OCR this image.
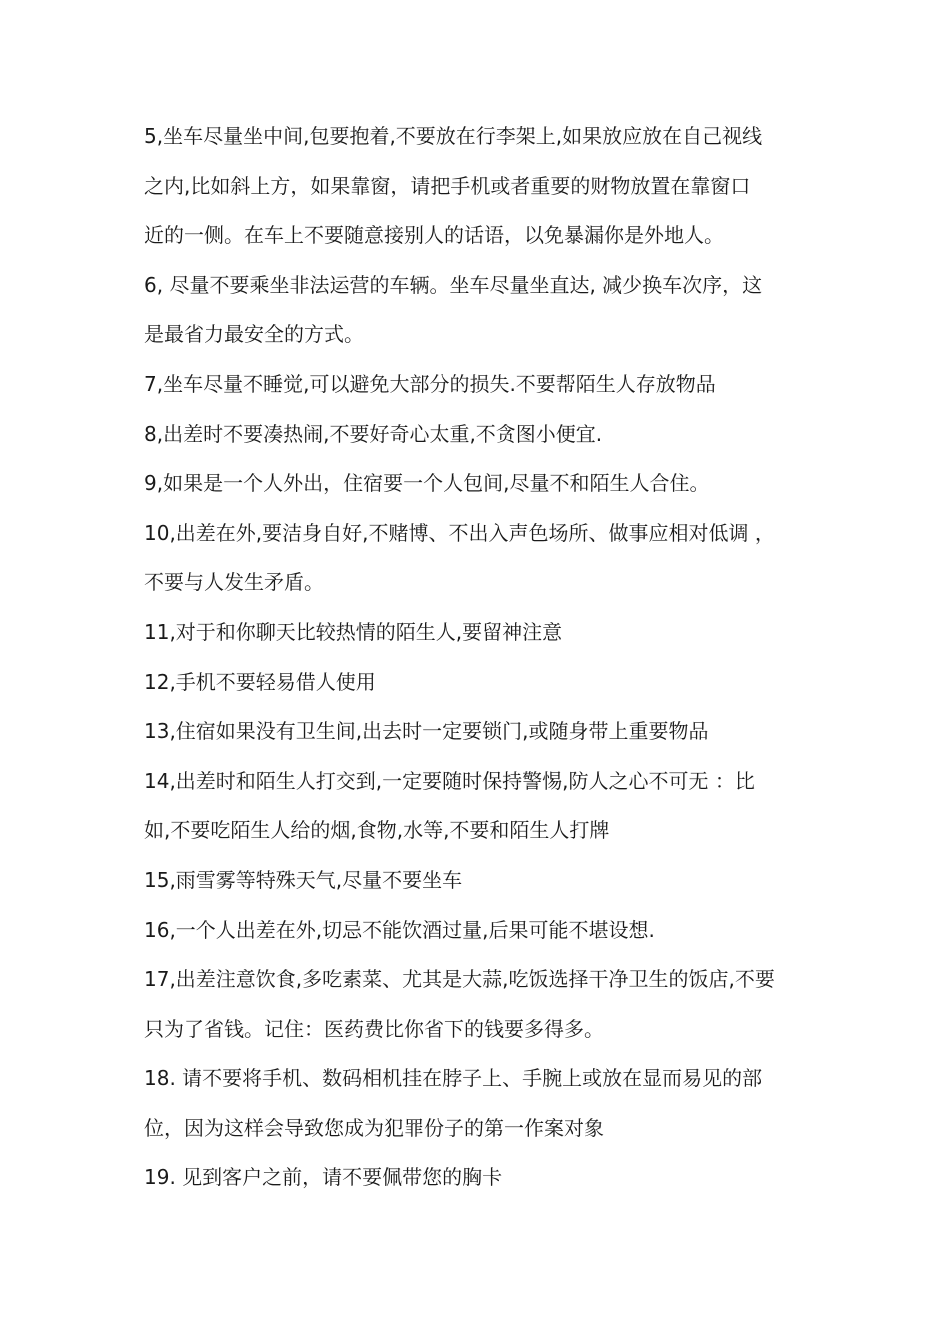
5,坐车尽量坐中间,包要抱着,不要放在行李架上,如果放应放在自己视线

之内,比如斜上方，如果靠窗，请把手机或者重要的财物放置在靠窗口

近的一侧。在车上不要随意接别人的话语，以免暴漏你是外地人。

6, 尽量不要乘坐非法运营的车辆。坐车尽量坐直达, 减少换车次序，这

是最省力最安全的方式。

7,坐车尽量不睡觉,可以避免大部分的损失.不要帮陌生人存放物品

8,出差时不要凑热闹,不要好奇心太重,不贪图小便宜.

9,如果是一个人外出，住宿要一个人包间,尽量不和陌生人合住。

10,出差在外,要洁身自好,不赌博、不出入声色场所、做事应相对低调 ，

不要与人发生矛盾。

11,对于和你聊天比较热情的陌生人,要留神注意

12,手机不要轻易借人使用

13,住宿如果没有卫生间,出去时一定要锁门,或随身带上重要物品

14,出差时和陌生人打交到,一定要随时保持警惕,防人之心不可无 ：比

如,不要吃陌生人给的烟,食物,水等,不要和陌生人打牌

15,雨雪雾等特殊天气,尽量不要坐车

16,一个人出差在外,切忌不能饮酒过量,后果可能不堪设想.

17,出差注意饮食,多吃素菜、尤其是大蒜,吃饭选择干净卫生的饭店,不要

只为了省钱。记住：医药费比你省下的钱要多得多。

18. 请不要将手机、数码相机挂在脖子上、手腕上或放在显而易见的部

位，因为这样会导致您成为犯罪份子的第一作案对象

19. 见到客户之前，请不要佩带您的胸卡
